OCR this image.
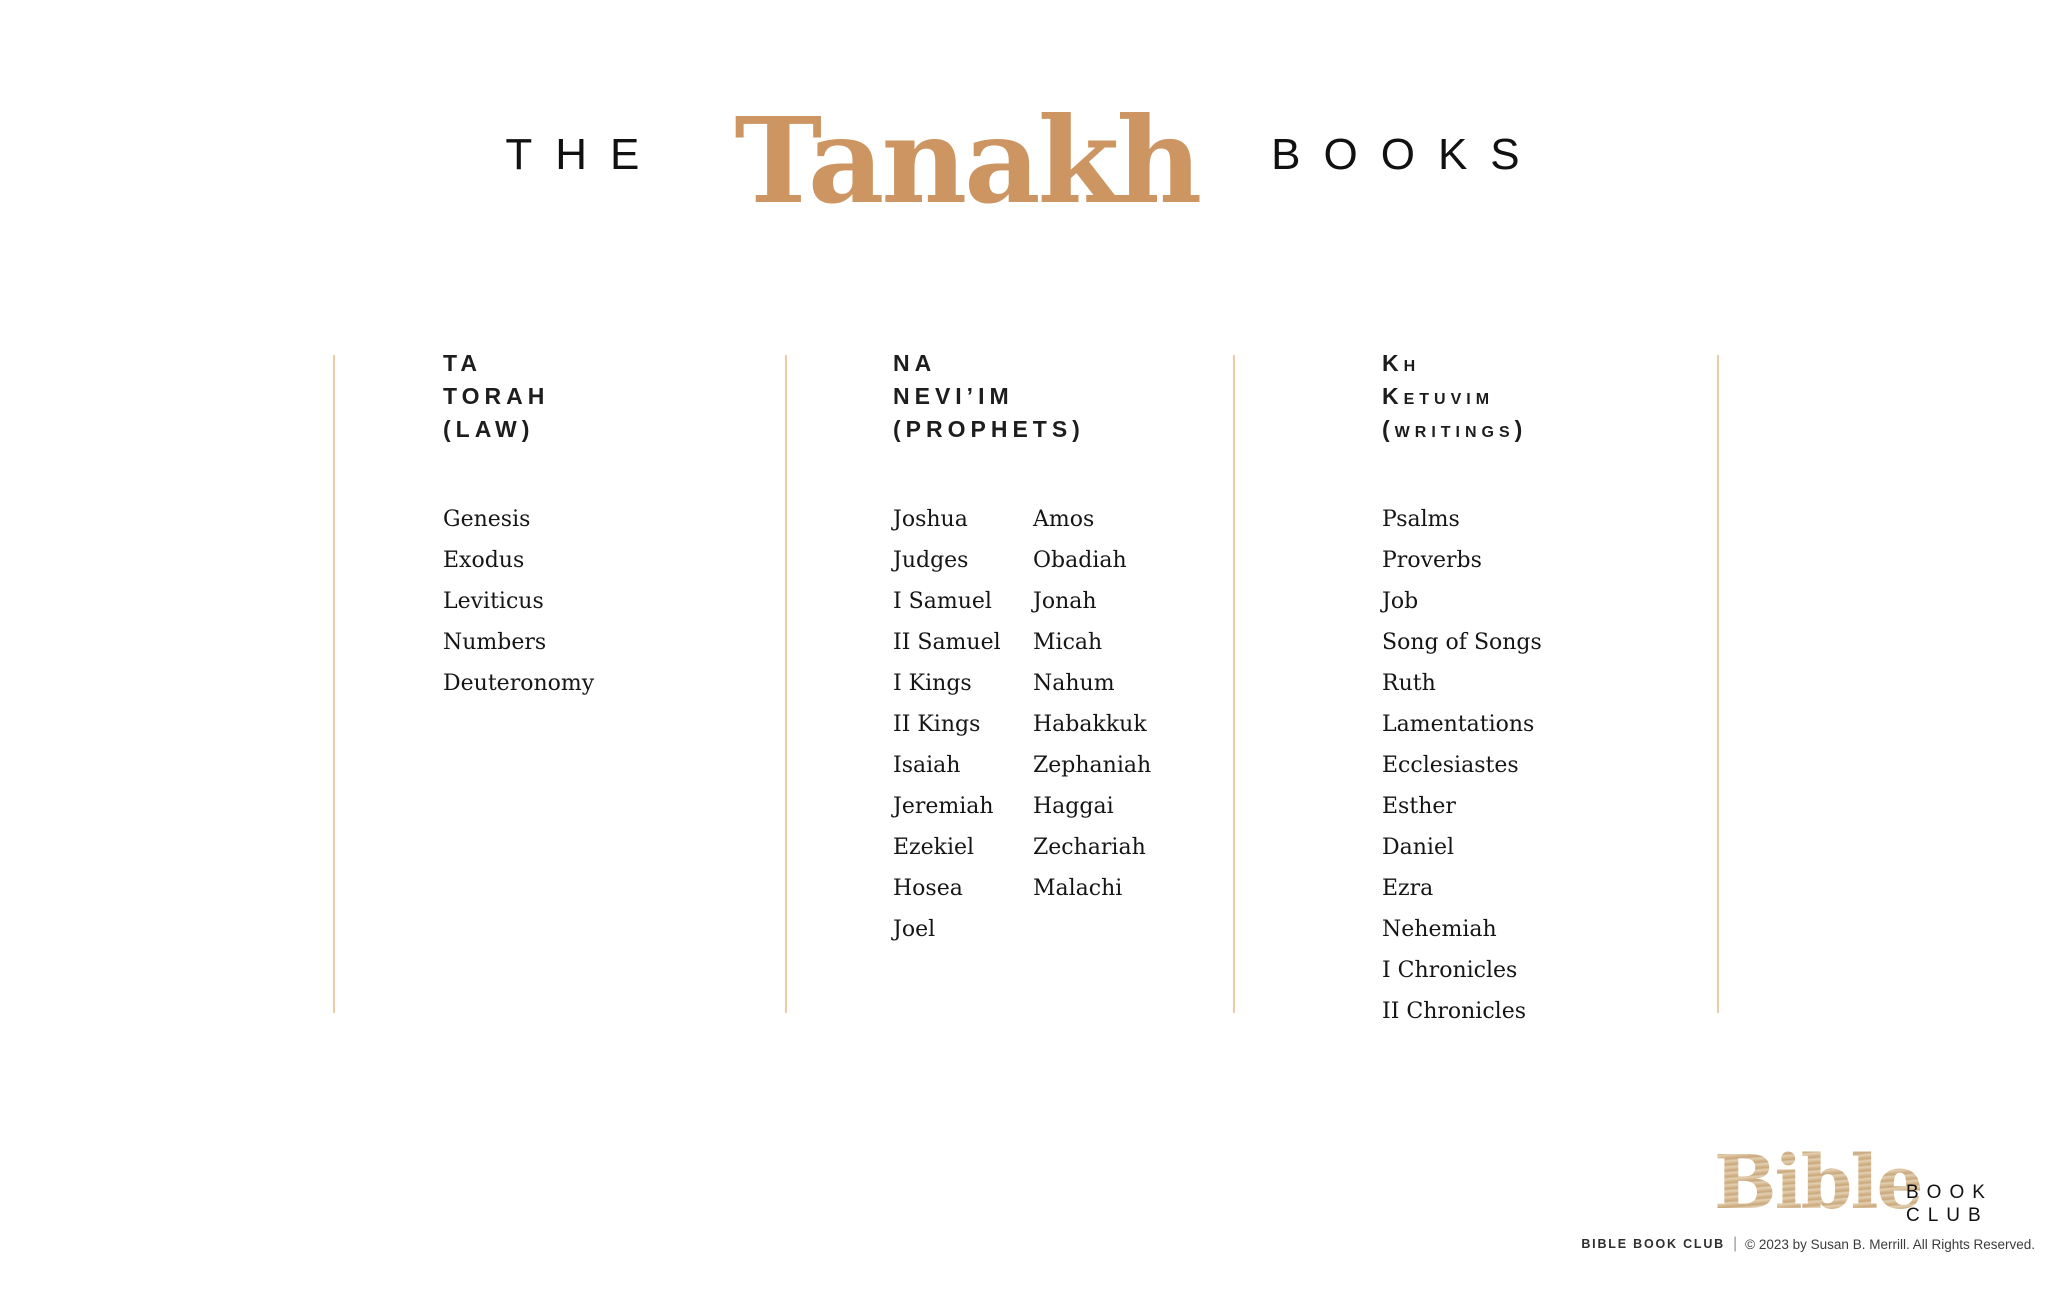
THE Tanakh BOOKS
TA
TORAH
(LAW)
Genesis
Exodus
Leviticus
Numbers
Deuteronomy
NA
NEVI’IM
(PROPHETS)
Joshua
Judges
I Samuel
II Samuel
I Kings
II Kings
Isaiah
Jeremiah
Ezekiel
Hosea
Joel
Amos
Obadiah
Jonah
Micah
Nahum
Habakkuk
Zephaniah
Haggai
Zechariah
Malachi
Kh
Ketuvim
(writings)
Psalms
Proverbs
Job
Song of Songs
Ruth
Lamentations
Ecclesiastes
Esther
Daniel
Ezra
Nehemiah
I Chronicles
II Chronicles
Bible
BOOK
CLUB
BIBLE BOOK CLUB | © 2023 by Susan B. Merrill. All Rights Reserved.
